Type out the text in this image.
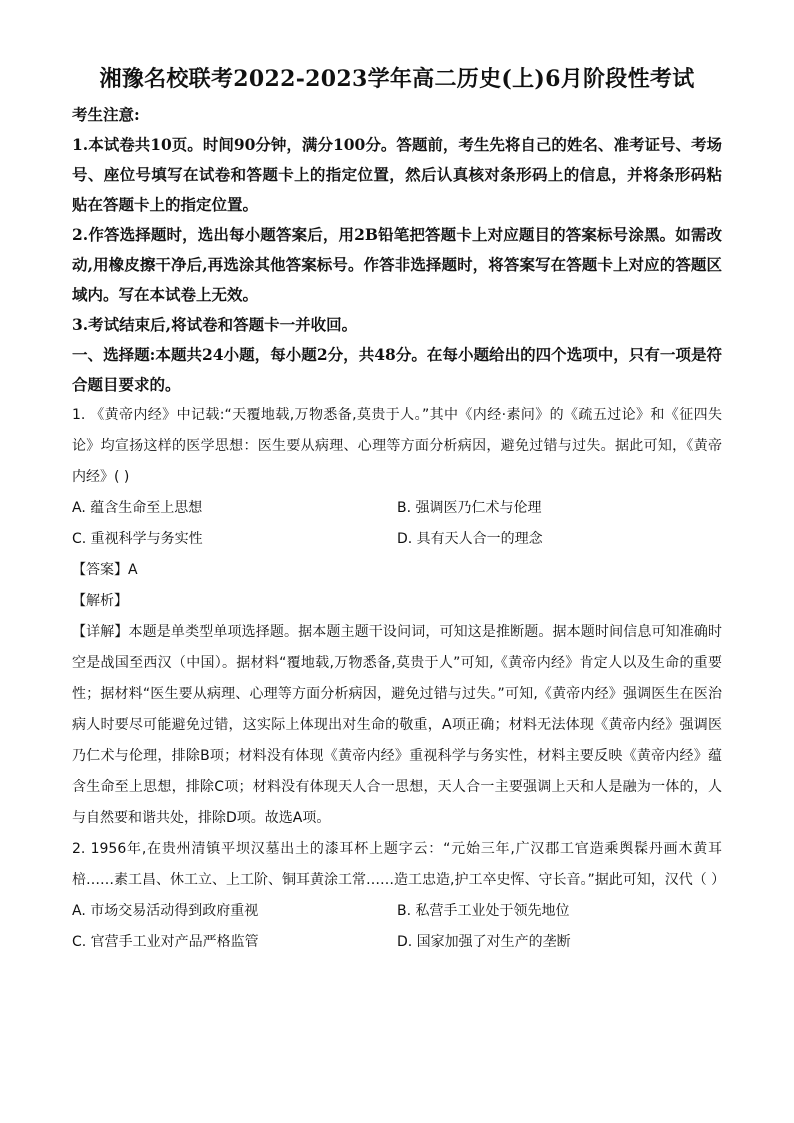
湘豫名校联考2022-2023学年高二历史(上)6月阶段性考试

考生注意:

1.本试卷共10页。时间90分钟，满分100分。答题前，考生先将自己的姓名、准考证号、考场号、座位号填写在试卷和答题卡上的指定位置，然后认真核对条形码上的信息，并将条形码粘贴在答题卡上的指定位置。

2.作答选择题时，选出每小题答案后，用2B铅笔把答题卡上对应题目的答案标号涂黑。如需改动,用橡皮擦干净后,再选涂其他答案标号。作答非选择题时，将答案写在答题卡上对应的答题区域内。写在本试卷上无效。

3.考试结束后,将试卷和答题卡一并收回。

一、选择题:本题共24小题，每小题2分，共48分。在每小题给出的四个选项中，只有一项是符合题目要求的。

1. 《黄帝内经》中记载:“天覆地载,万物悉备,莫贵于人。”其中《内经·素问》的《疏五过论》和《征四失论》均宣扬这样的医学思想：医生要从病理、心理等方面分析病因，避免过错与过失。据此可知，《黄帝内经》( )

A. 蕴含生命至上思想	B. 强调医乃仁术与伦理
C. 重视科学与务实性	D. 具有天人合一的理念

【答案】A

【解析】

【详解】本题是单类型单项选择题。据本题主题干设问词，可知这是推断题。据本题时间信息可知准确时空是战国至西汉（中国）。据材料“覆地载,万物悉备,莫贵于人”可知,《黄帝内经》肯定人以及生命的重要性；据材料“医生要从病理、心理等方面分析病因，避免过错与过失。”可知,《黄帝内经》强调医生在医治病人时要尽可能避免过错，这实际上体现出对生命的敬重，A项正确；材料无法体现《黄帝内经》强调医乃仁术与伦理，排除B项；材料没有体现《黄帝内经》重视科学与务实性，材料主要反映《黄帝内经》蕴含生命至上思想，排除C项；材料没有体现天人合一思想，天人合一主要强调上天和人是融为一体的，人与自然要和谐共处，排除D项。故选A项。

2. 1956年,在贵州清镇平坝汉墓出土的漆耳杯上题字云：“元始三年,广汉郡工官造乘舆髹丹画木黄耳棓……素工昌、休工立、上工阶、铜耳黄涂工常……造工忠造,护工卒史恽、守长音。”据此可知，汉代（ ）

A. 市场交易活动得到政府重视	B. 私营手工业处于领先地位
C. 官营手工业对产品严格监管	D. 国家加强了对生产的垄断
